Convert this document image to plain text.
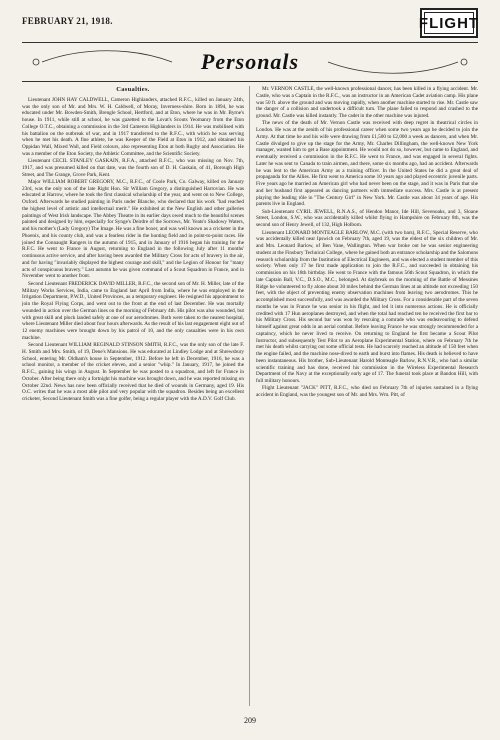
FEBRUARY 21, 1918.	FLIGHT
Personals
Casualties.

Lieutenant JOHN HAY CALDWELL, Cameron Highlanders, attached R.F.C., killed on January 24th, was the only son of Mr. and Mrs. W. H. Caldwell, of Moray, Inverness-shire. Born in 1894, he was educated under Mr. Bowden-Smith, Brengle School, Hertford, and at Eton, where he was in Mr. Byrne's house. In 1911, while still at school, he was gazetted to the Lovat's Scouts Yeomanry from the Eton College O.T.C., obtaining a commission in the 3rd Cameron Highlanders in 1914. He was mobilised with his battalion on the outbreak of war, and in 1917 transferred to the R.F.C., with which he was serving when he met his death. A fine athlete, he was Keeper of the Field at Eton in 1912, and obtained his Oppidan Wall, Mixed Wall, and Field colours, also representing Eton at both Rugby and Association. He was a member of the Eton Society, the Athletic Committee, and the Scientific Society.

Lieutenant CECIL STANLEY GASKAIN, R.F.A., attached R.F.C., who was missing on Nov. 7th, 1917, and was presumed killed on that date, was the fourth son of D. H. Gaskain, of 41, Borough High Street, and The Grange, Grove Park, Kent.

Major WILLIAM ROBERT GREGORY, M.C., R.F.C., of Coole Park, Co. Galway, killed on January 23rd, was the only son of the late Right Hon. Sir William Gregory, a distinguished Harrovian. He was educated at Harrow, where he took the first classical scholarship of the year, and went on to New College, Oxford. Afterwards he studied painting in Paris under Blanche, who declared that his work "had reached the highest level of artistic and intellectual merit." He exhibited at the New English and other galleries paintings of West Irish landscape. The Abbey Theatre in its earlier days owed much to the beautiful scenes painted and designed by him, especially for Synge's Deirdre of the Sorrows, Mr. Yeats's Shadowy Waters, and his mother's (Lady Gregory) The Image. He was a fine boxer, and was well known as a cricketer in the Phoenix, and his county club, and was a fearless rider in the hunting field and in point-to-point races. He joined the Connaught Rangers in the autumn of 1915, and in January of 1916 began his training for the R.F.C. He went to France in August, returning to England in the following July after 11 months' continuous active service, and after having been awarded the Military Cross for acts of bravery in the air, and for having "invariably displayed the highest courage and skill," and the Legion of Honour for "many acts of conspicuous bravery." Last autumn he was given command of a Scout Squadron in France, and in November went to another front.

Second Lieutenant FREDERICK DAVID MILLER, R.F.C., the second son of Mr. H. Miller, late of the Military Works Services, India, came to England last April from India, where he was employed in the Irrigation Department, P.W.D., United Provinces, as a temporary engineer. He resigned his appointment to join the Royal Flying Corps, and went out to the front at the end of last December. He was mortally wounded in action over the German lines on the morning of February 4th. His pilot was also wounded, but with great skill and pluck landed safely at one of our aerodromes. Both were taken to the nearest hospital, where Lieutenant Miller died about four hours afterwards. As the result of his last engagement eight out of 12 enemy machines were brought down by his patrol of 10, and the only casualties were in his own machine.

Second Lieutenant WILLIAM REGINALD STINSON SMITH, R.F.C., was the only son of the late F. H. Smith and Mrs. Smith, of 19, Dene's Mansions. He was educated at Lindley Lodge and at Shrewsbury School, entering Mr. Oldham's house in September, 1912. Before he left in December, 1916, he was a school monitor, a member of the cricket eleven, and a senior "whip." In January, 1917, he joined the R.F.C., gaining his wings in August. In September he was posted to a squadron, and left for France in October. After being there only a fortnight his machine was brought down, and he was reported missing on October 22nd. News has now been officially received that he died of wounds in Germany, aged 19. His O.C. writes that he was a most able pilot and very popular with the squadron. Besides being an excellent cricketer, Second Lieutenant Smith was a fine golfer, being a regular player with the A.D.V. Golf Club.

Mr. VERNON CASTLE, the well-known professional dancer, has been killed in a flying accident. Mr. Castle, who was a Captain in the R.F.C., was an instructor in an American Cadet aviation camp. His plane was 50 ft. above the ground and was moving rapidly, when another machine started to rise. Mr. Castle saw the danger of a collision and undertook a difficult turn. The plane failed to respond and crashed to the ground. Mr. Castle was killed instantly. The cadet in the other machine was injured.

The news of the death of Mr. Vernon Castle was received with deep regret in theatrical circles in London. He was at the zenith of his professional career when some two years ago he decided to join the Army. At that time he and his wife were drawing from £1,500 to £2,000 a week as dancers, and when Mr. Castle divulged to give up the stage for the Army, Mr. Charles Dillingham, the well-known New York manager, wanted him to get a Base appointment. He would not do so, however, but came to England, and eventually received a commission in the R.F.C. He went to France, and was engaged in several fights. Later he was sent to Canada to train airmen, and there, some six months ago, had an accident. Afterwards he was lent to the American Army as a training officer. In the United States he did a great deal of propaganda for the Allies. He first went to America some 10 years ago and played eccentric juvenile parts. Five years ago he married an American girl who had never been on the stage, and it was in Paris that she and her husband first appeared as dancing partners with immediate success. Mrs. Castle is at present playing the leading rôle in "The Century Girl" in New York. Mr. Castle was about 34 years of age. His parents live in England.

Sub-Lieutenant CYRIL JEWELL, R.N.A.S., of Hendon Manor, Ide Hill, Sevenoaks, and 3, Sloane Street, London, S.W., who was accidentally killed whilst flying in Hampshire on February 8th, was the second son of Henry Jewell, of 132, High Holborn.

Lieutenant LEONARD MONTEAGLE BARLOW, M.C. (with two bars), R.F.C., Special Reserve, who was accidentally killed near Ipswich on February 7th, aged 19, was the eldest of the six children of Mr. and Mrs. Leonard Barlow, of Ben Vane, Wallington. When war broke out he was senior engineering student at the Finsbury Technical College, where he gained both an entrance scholarship and the Salomons research scholarship from the Institution of Electrical Engineers, and was elected a student member of this society. When only 17 he first made application to join the R.F.C., and succeeded in obtaining his commission on his 18th birthday. He went to France with the famous 56th Scout Squadron, in which the late Captain Ball, V.C., D.S.O., M.C., belonged. At daybreak on the morning of the Battle of Messines Ridge he volunteered to fly alone about 30 miles behind the German lines at an altitude not exceeding 150 feet, with the object of preventing enemy observation machines from leaving two aerodromes. This he accomplished most successfully, and was awarded the Military Cross. For a considerable part of the seven months he was in France he was senior in his flight, and led it into numerous actions. He is officially credited with 17 Hun aeroplanes destroyed, and when the total had reached ten he received the first bar to his Military Cross. His second bar was won by rescuing a comrade who was endeavouring to defend himself against great odds in an aerial combat. Before leaving France he was strongly recommended for a captaincy, which he never lived to receive. On returning to England he first became a Scout Pilot Instructor, and subsequently Test Pilot to an Aeroplane Experimental Station, where on February 7th he met his death whilst carrying out some official tests. He had scarcely reached an altitude of 150 feet when the engine failed, and the machine nose-dived to earth and burst into flames. His death is believed to have been instantaneous. His brother, Sub-Lieutenant Harold Monteagle Barlow, R.N.V.R., who had a similar scientific training and has done, received his commission in the Wireless Experimental Research Department of the Navy at the exceptionally early age of 17. The funeral took place at Bandon Hill, with full military honours.

Flight Lieutenant "JACK" PITT, R.F.C., who died on February 7th of injuries sustained in a flying accident in England, was the youngest son of Mr. and Mrs. Wm. Pitt, of

209
